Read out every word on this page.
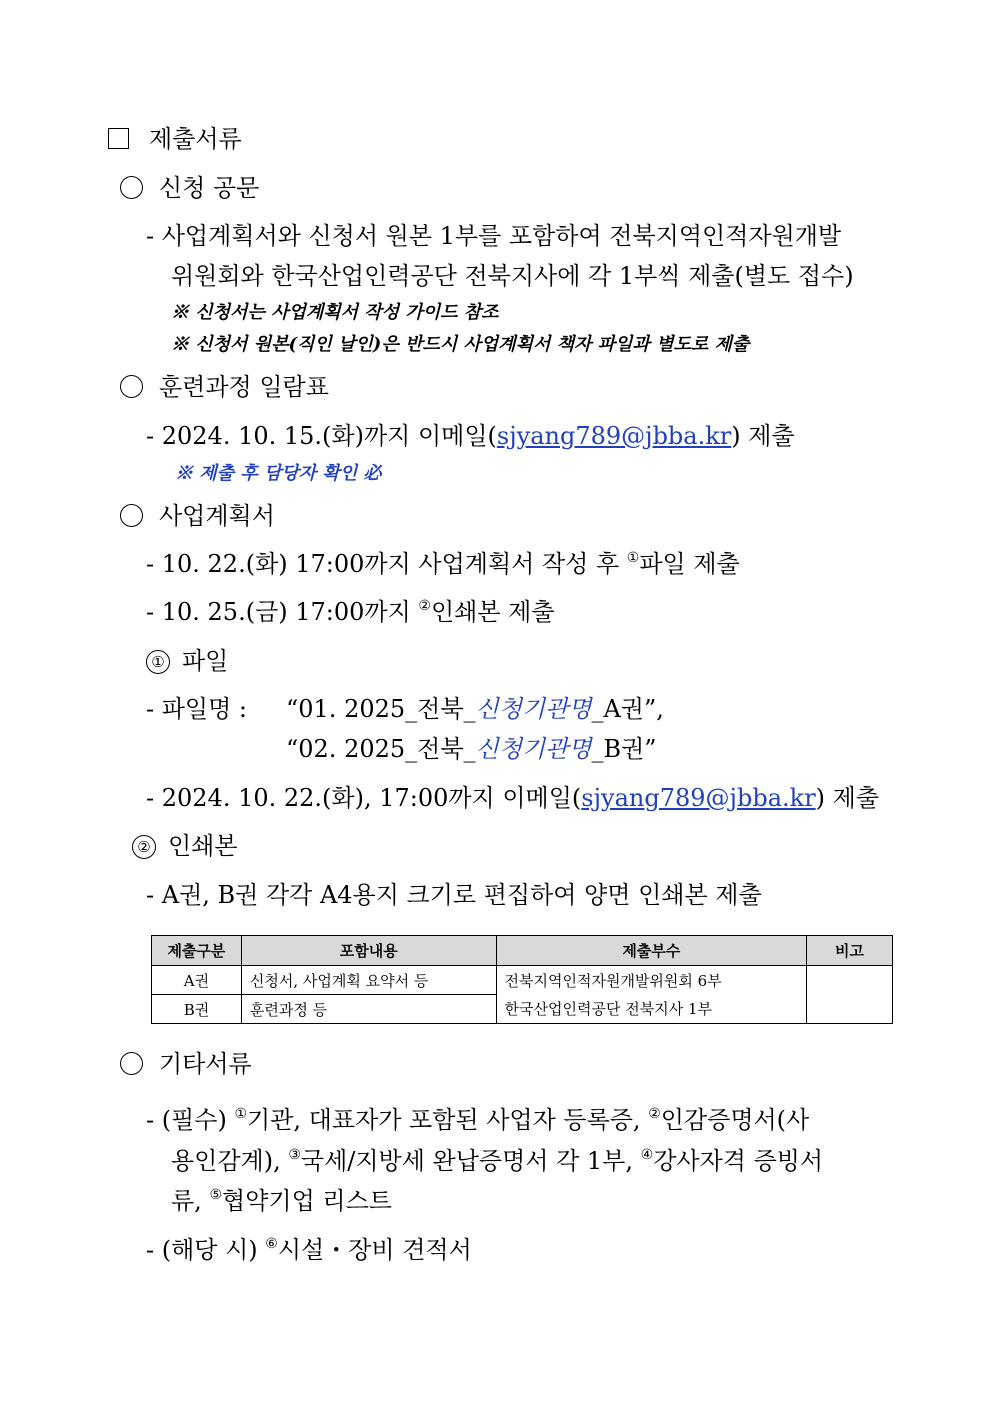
제출서류
신청 공문
- 사업계획서와 신청서 원본 1부를 포함하여 전북지역인적자원개발
위원회와 한국산업인력공단 전북지사에 각 1부씩 제출(별도 접수)
※ 신청서는 사업계획서 작성 가이드 참조
※ 신청서 원본(직인 날인)은 반드시 사업계획서 책자 파일과 별도로 제출
훈련과정 일람표
- 2024. 10. 15.(화)까지 이메일(sjyang789@jbba.kr) 제출
※ 제출 후 담당자 확인 必
사업계획서
- 10. 22.(화) 17:00까지 사업계획서 작성 후 ①파일 제출
- 10. 25.(금) 17:00까지 ②인쇄본 제출
① 파일
- 파일명 : “01. 2025_전북_신청기관명_A권”,
“02. 2025_전북_신청기관명_B권”
- 2024. 10. 22.(화), 17:00까지 이메일(sjyang789@jbba.kr) 제출
② 인쇄본
- A권, B권 각각 A4용지 크기로 편집하여 양면 인쇄본 제출
제출구분	포함내용	제출부수	비고
A권	신청서, 사업계획 요약서 등	전북지역인적자원개발위원회 6부	
B권	훈련과정 등	한국산업인력공단 전북지사 1부	
기타서류
- (필수) ①기관, 대표자가 포함된 사업자 등록증, ②인감증명서(사
용인감계), ③국세/지방세 완납증명서 각 1부, ④강사자격 증빙서
류, ⑤협약기업 리스트
- (해당 시) ⑥시설・장비 견적서
